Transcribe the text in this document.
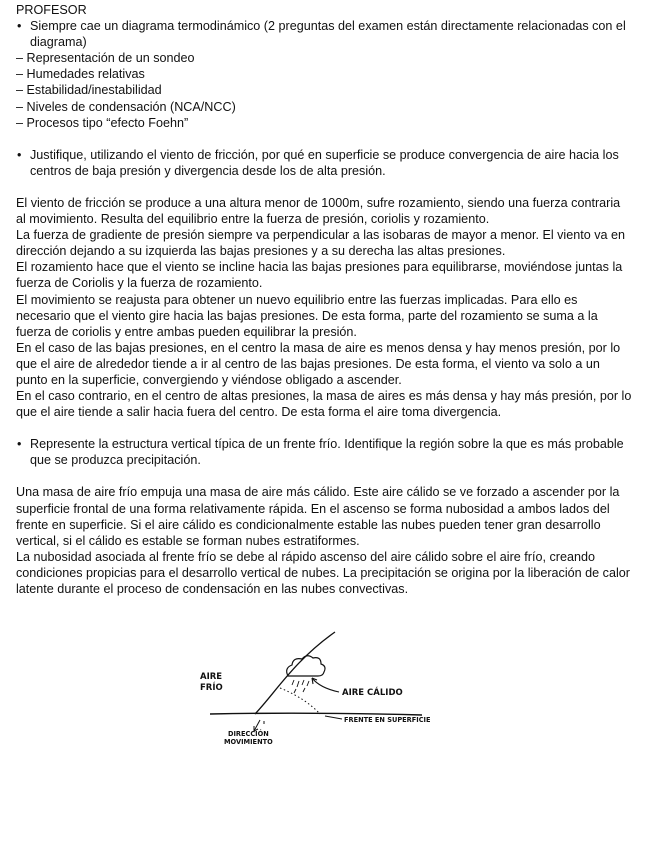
PROFESOR

• Siempre cae un diagrama termodinámico (2 preguntas del examen están directamente relacionadas con el diagrama)

– Representación de un sondeo

– Humedades relativas

– Estabilidad/inestabilidad

– Niveles de condensación (NCA/NCC)

– Procesos tipo “efecto Foehn”

• Justifique, utilizando el viento de fricción, por qué en superficie se produce convergencia de aire hacia los centros de baja presión y divergencia desde los de alta presión.

El viento de fricción se produce a una altura menor de 1000m, sufre rozamiento, siendo una fuerza contraria al movimiento. Resulta del equilibrio entre la fuerza de presión, coriolis y rozamiento.

La fuerza de gradiente de presión siempre va perpendicular a las isobaras de mayor a menor. El viento va en dirección dejando a su izquierda las bajas presiones y a su derecha las altas presiones.

El rozamiento hace que el viento se incline hacia las bajas presiones para equilibrarse, moviéndose juntas la fuerza de Coriolis y la fuerza de rozamiento.

El movimiento se reajusta para obtener un nuevo equilibrio entre las fuerzas implicadas. Para ello es necesario que el viento gire hacia las bajas presiones. De esta forma, parte del rozamiento se suma a la fuerza de coriolis y entre ambas pueden equilibrar la presión.

En el caso de las bajas presiones, en el centro la masa de aire es menos densa y hay menos presión, por lo que el aire de alrededor tiende a ir al centro de las bajas presiones. De esta forma, el viento va solo a un punto en la superficie, convergiendo y viéndose obligado a ascender.

En el caso contrario, en el centro de altas presiones, la masa de aires es más densa y hay más presión, por lo que el aire tiende a salir hacia fuera del centro. De esta forma el aire toma divergencia.

• Represente la estructura vertical típica de un frente frío. Identifique la región sobre la que es más probable que se produzca precipitación.

Una masa de aire frío empuja una masa de aire más cálido. Este aire cálido se ve forzado a ascender por la superficie frontal de una forma relativamente rápida. En el ascenso se forma nubosidad a ambos lados del frente en superficie. Si el aire cálido es condicionalmente estable las nubes pueden tener gran desarrollo vertical, si el cálido es estable se forman nubes estratiformes.

La nubosidad asociada al frente frío se debe al rápido ascenso del aire cálido sobre el aire frío, creando condiciones propicias para el desarrollo vertical de nubes. La precipitación se origina por la liberación de calor latente durante el proceso de condensación en las nubes convectivas.

AIRE
FRÍO	AIRE CÁLIDO
FRENTE EN SUPERFICIE
DIRECCIÓN
MOVIMIENTO
